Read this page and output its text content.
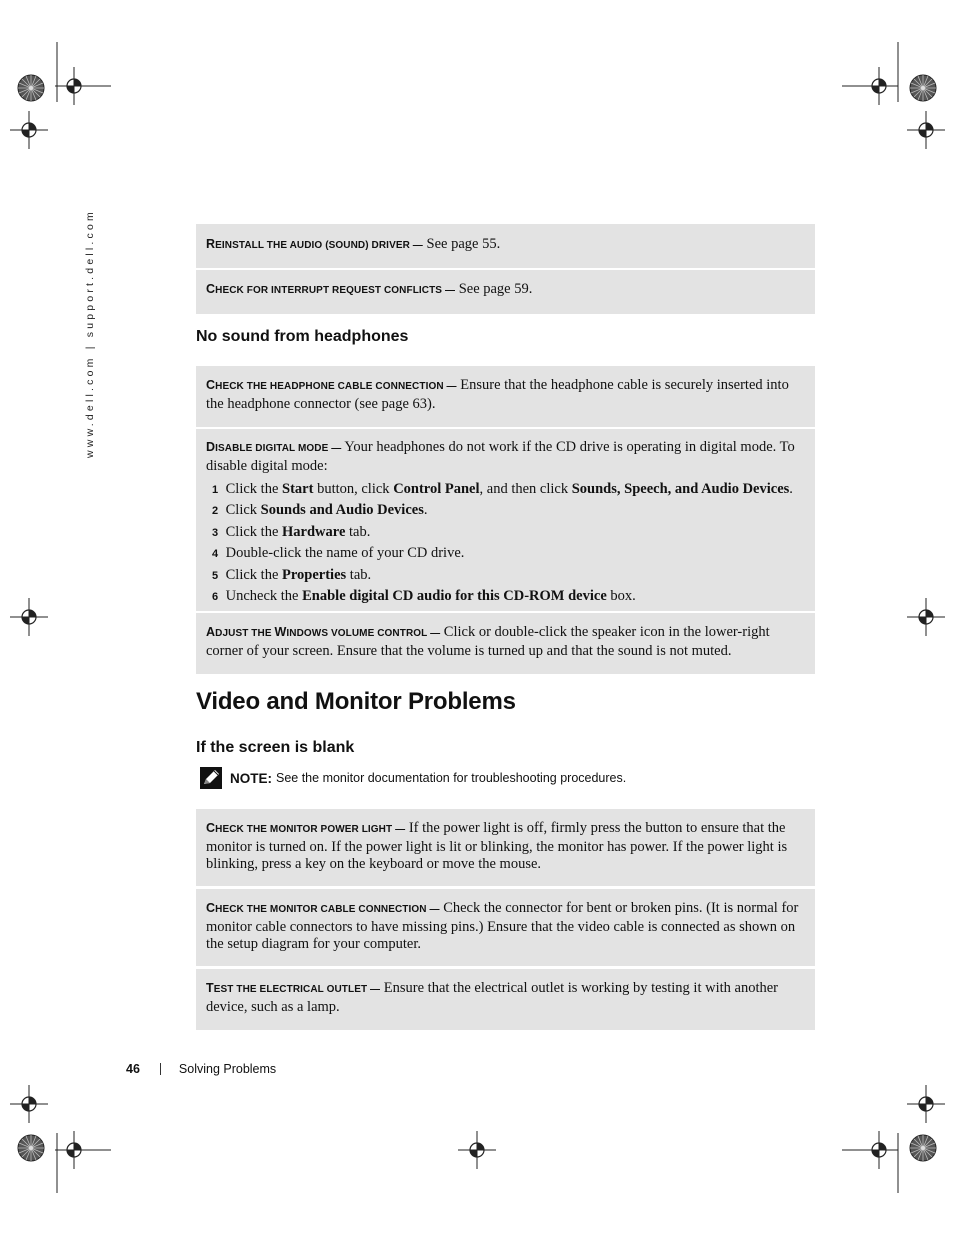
www.dell.com | support.dell.com	REINSTALL THE AUDIO (SOUND) DRIVER — See page 55.
CHECK FOR INTERRUPT REQUEST CONFLICTS — See page 59.
No sound from headphones
CHECK THE HEADPHONE CABLE CONNECTION — Ensure that the headphone cable is securely inserted into the headphone connector (see page 63).
DISABLE DIGITAL MODE — Your headphones do not work if the CD drive is operating in digital mode. To disable digital mode:
1 Click the Start button, click Control Panel, and then click Sounds, Speech, and Audio Devices.
2 Click Sounds and Audio Devices.
3 Click the Hardware tab.
4 Double-click the name of your CD drive.
5 Click the Properties tab.
6 Uncheck the Enable digital CD audio for this CD-ROM device box.
ADJUST THE WINDOWS VOLUME CONTROL — Click or double-click the speaker icon in the lower-right corner of your screen. Ensure that the volume is turned up and that the sound is not muted.
Video and Monitor Problems
If the screen is blank
NOTE: See the monitor documentation for troubleshooting procedures.
CHECK THE MONITOR POWER LIGHT — If the power light is off, firmly press the button to ensure that the monitor is turned on. If the power light is lit or blinking, the monitor has power. If the power light is blinking, press a key on the keyboard or move the mouse.
CHECK THE MONITOR CABLE CONNECTION — Check the connector for bent or broken pins. (It is normal for monitor cable connectors to have missing pins.) Ensure that the video cable is connected as shown on the setup diagram for your computer.
TEST THE ELECTRICAL OUTLET — Ensure that the electrical outlet is working by testing it with another device, such as a lamp.
46	Solving Problems
